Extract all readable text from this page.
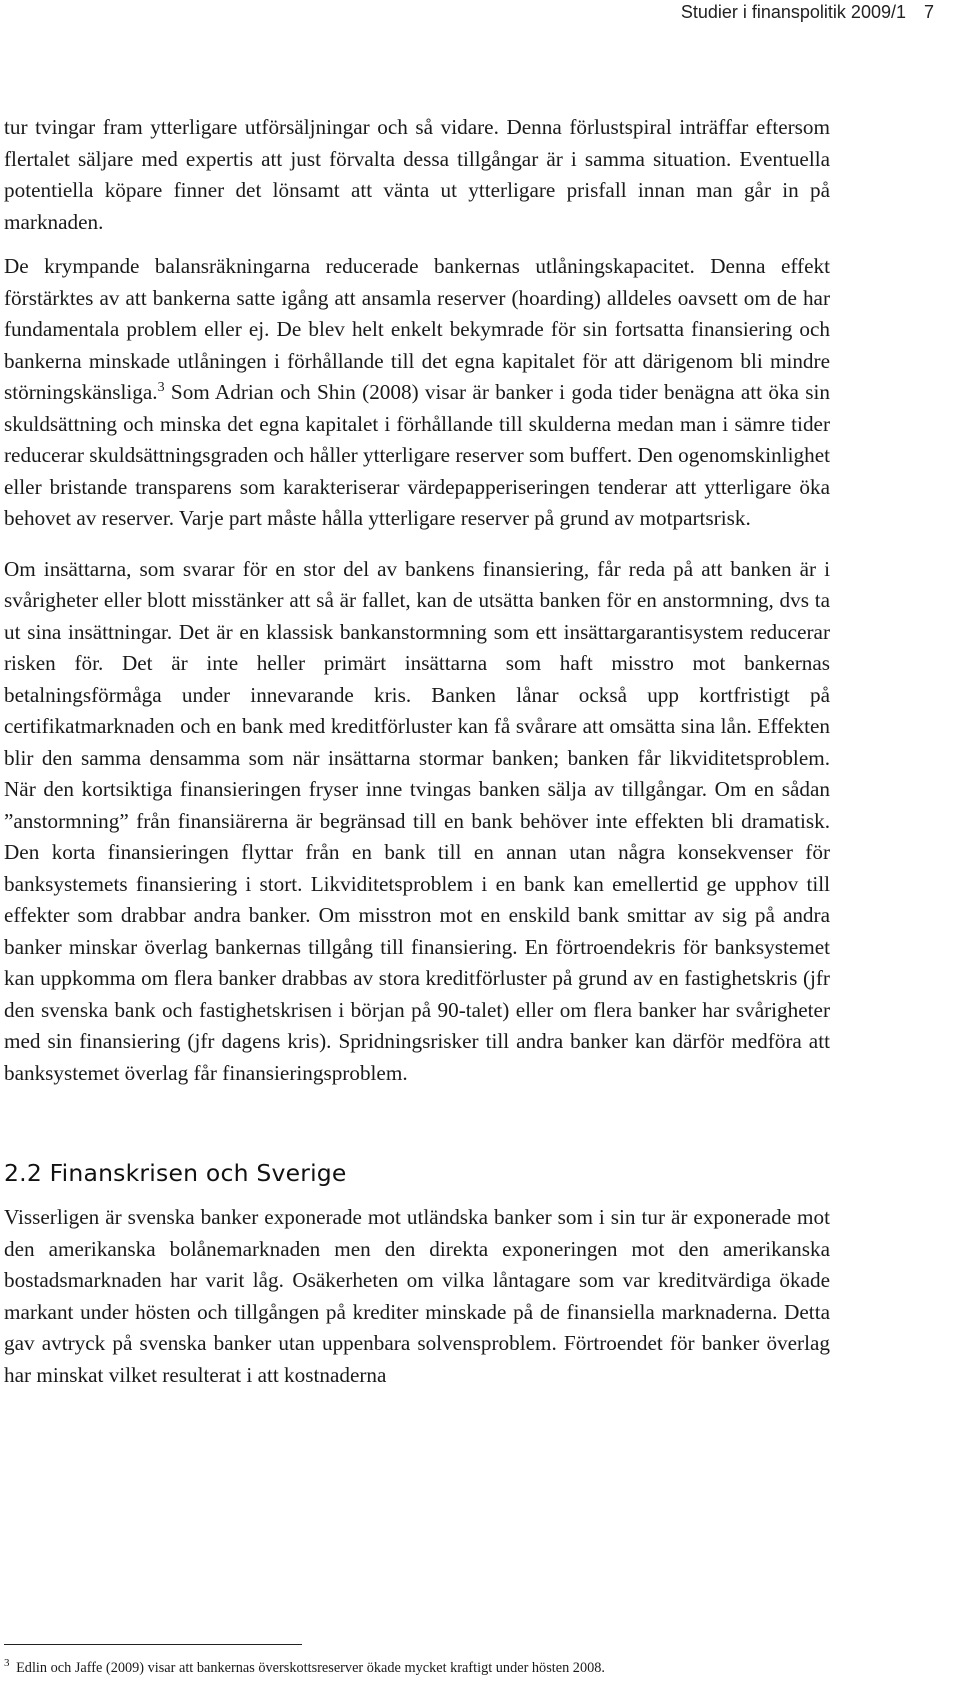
Studier i finanspolitik 2009/1 7

tur tvingar fram ytterligare utförsäljningar och så vidare. Denna förlustspiral inträffar eftersom flertalet säljare med expertis att just förvalta dessa tillgångar är i samma situation. Eventuella potentiella köpare finner det lönsamt att vänta ut ytterligare prisfall innan man går in på marknaden.

De krympande balansräkningarna reducerade bankernas utlåningskapacitet. Denna effekt förstärktes av att bankerna satte igång att ansamla reserver (hoarding) alldeles oavsett om de har fundamentala problem eller ej. De blev helt enkelt bekymrade för sin fortsatta finansiering och bankerna minskade utlåningen i förhållande till det egna kapitalet för att därigenom bli mindre störningskänsliga.$^3$ Som Adrian och Shin (2008) visar är banker i goda tider benägna att öka sin skuldsättning och minska det egna kapitalet i förhållande till skulderna medan man i sämre tider reducerar skuldsättningsgraden och håller ytterligare reserver som buffert. Den ogenomskinlighet eller bristande transparens som karakteriserar värdepapperiseringen tenderar att ytterligare öka behovet av reserver. Varje part måste hålla ytterligare reserver på grund av motpartsrisk.

Om insättarna, som svarar för en stor del av bankens finansiering, får reda på att banken är i svårigheter eller blott misstänker att så är fallet, kan de utsätta banken för en anstormning, dvs ta ut sina insättningar. Det är en klassisk bankanstormning som ett insättargarantisystem reducerar risken för. Det är inte heller primärt insättarna som haft misstro mot bankernas betalningsförmåga under innevarande kris. Banken lånar också upp kortfristigt på certifikatmarknaden och en bank med kreditförluster kan få svårare att omsätta sina lån. Effekten blir den samma densamma som när insättarna stormar banken; banken får likviditetsproblem. När den kortsiktiga finansieringen fryser inne tvingas banken sälja av tillgångar. Om en sådan ”anstormning” från finansiärerna är begränsad till en bank behöver inte effekten bli dramatisk. Den korta finansieringen flyttar från en bank till en annan utan några konsekvenser för banksystemets finansiering i stort. Likviditetsproblem i en bank kan emellertid ge upphov till effekter som drabbar andra banker. Om misstron mot en enskild bank smittar av sig på andra banker minskar överlag bankernas tillgång till finansiering. En förtroendekris för banksystemet kan uppkomma om flera banker drabbas av stora kreditförluster på grund av en fastighetskris (jfr den svenska bank och fastighetskrisen i början på 90-talet) eller om flera banker har svårigheter med sin finansiering (jfr dagens kris). Spridningsrisker till andra banker kan därför medföra att banksystemet överlag får finansieringsproblem.

2.2 Finanskrisen och Sverige

Visserligen är svenska banker exponerade mot utländska banker som i sin tur är exponerade mot den amerikanska bolånemarknaden men den direkta exponeringen mot den amerikanska bostadsmarknaden har varit låg. Osäkerheten om vilka låntagare som var kreditvärdiga ökade markant under hösten och tillgången på krediter minskade på de finansiella marknaderna. Detta gav avtryck på svenska banker utan uppenbara solvensproblem. Förtroendet för banker överlag har minskat vilket resulterat i att kostnaderna

$^3$ Edlin och Jaffe (2009) visar att bankernas överskottsreserver ökade mycket kraftigt under hösten 2008.
